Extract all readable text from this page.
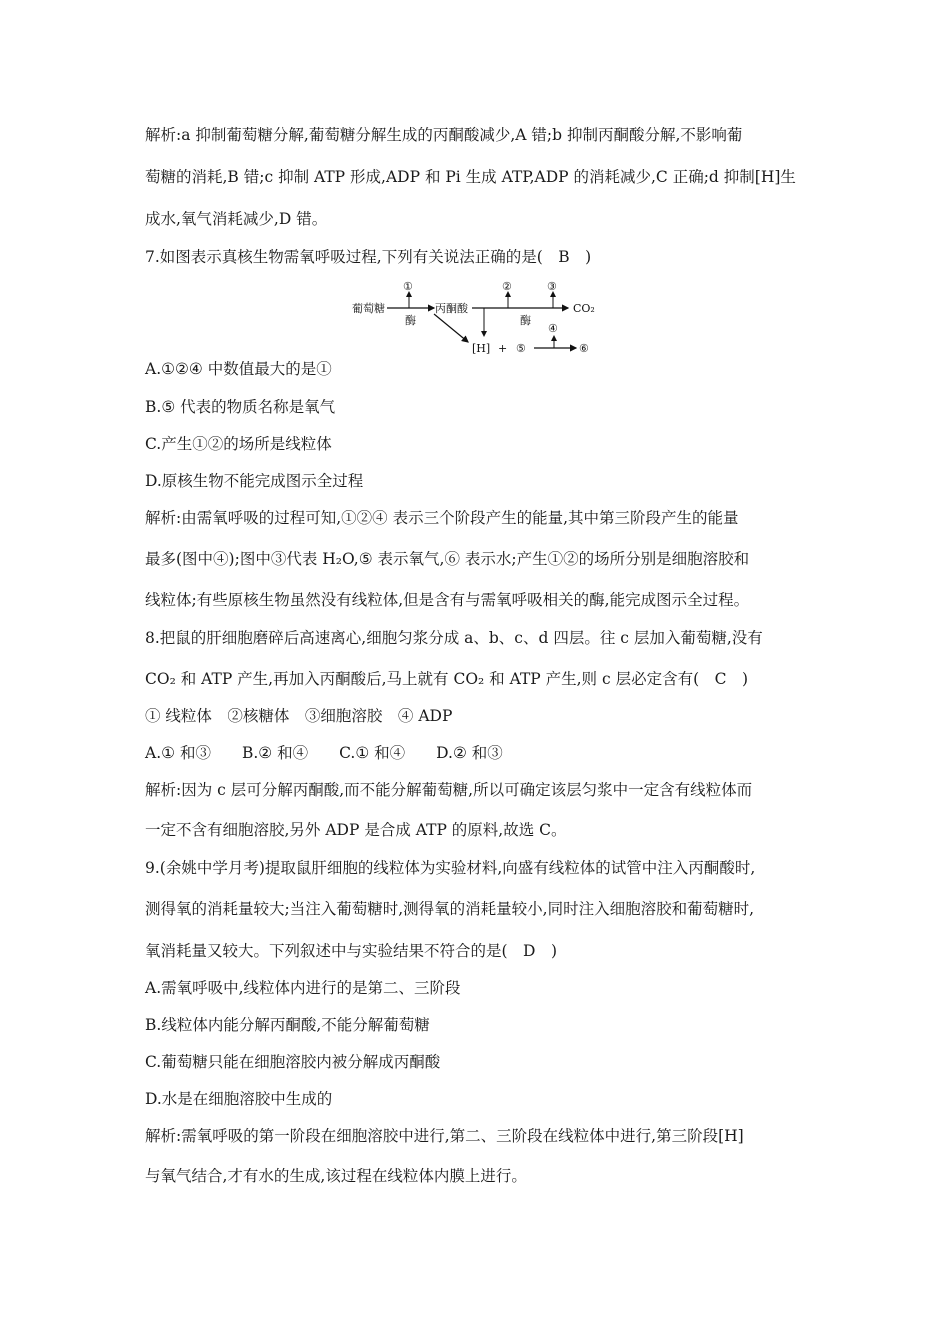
解析:a 抑制葡萄糖分解,葡萄糖分解生成的丙酮酸减少,A 错;b 抑制丙酮酸分解,不影响葡
萄糖的消耗,B 错;c 抑制 ATP 形成,ADP 和 Pi 生成 ATP,ADP 的消耗减少,C 正确;d 抑制[H]生
成水,氧气消耗减少,D 错。
7.如图表示真核生物需氧呼吸过程,下列有关说法正确的是(　B　)
葡萄糖
①
酶
丙酮酸
②	③
CO₂
酶
[H] + ⑤
④
⑥
A.①②④ 中数值最大的是①
B.⑤ 代表的物质名称是氧气
C.产生①②的场所是线粒体
D.原核生物不能完成图示全过程
解析:由需氧呼吸的过程可知,①②④ 表示三个阶段产生的能量,其中第三阶段产生的能量
最多(图中④);图中③代表 H₂O,⑤ 表示氧气,⑥ 表示水;产生①②的场所分别是细胞溶胶和
线粒体;有些原核生物虽然没有线粒体,但是含有与需氧呼吸相关的酶,能完成图示全过程。
8.把鼠的肝细胞磨碎后高速离心,细胞匀浆分成 a、b、c、d 四层。往 c 层加入葡萄糖,没有
CO₂ 和 ATP 产生,再加入丙酮酸后,马上就有 CO₂ 和 ATP 产生,则 c 层必定含有(　C　)
① 线粒体　②核糖体　③细胞溶胶　④ ADP
A.① 和③　　B.② 和④　　C.① 和④　　D.② 和③
解析:因为 c 层可分解丙酮酸,而不能分解葡萄糖,所以可确定该层匀浆中一定含有线粒体而
一定不含有细胞溶胶,另外 ADP 是合成 ATP 的原料,故选 C。
9.(余姚中学月考)提取鼠肝细胞的线粒体为实验材料,向盛有线粒体的试管中注入丙酮酸时,
测得氧的消耗量较大;当注入葡萄糖时,测得氧的消耗量较小,同时注入细胞溶胶和葡萄糖时,
氧消耗量又较大。下列叙述中与实验结果不符合的是(　D　)
A.需氧呼吸中,线粒体内进行的是第二、三阶段
B.线粒体内能分解丙酮酸,不能分解葡萄糖
C.葡萄糖只能在细胞溶胶内被分解成丙酮酸
D.水是在细胞溶胶中生成的
解析:需氧呼吸的第一阶段在细胞溶胶中进行,第二、三阶段在线粒体中进行,第三阶段[H]
与氧气结合,才有水的生成,该过程在线粒体内膜上进行。
